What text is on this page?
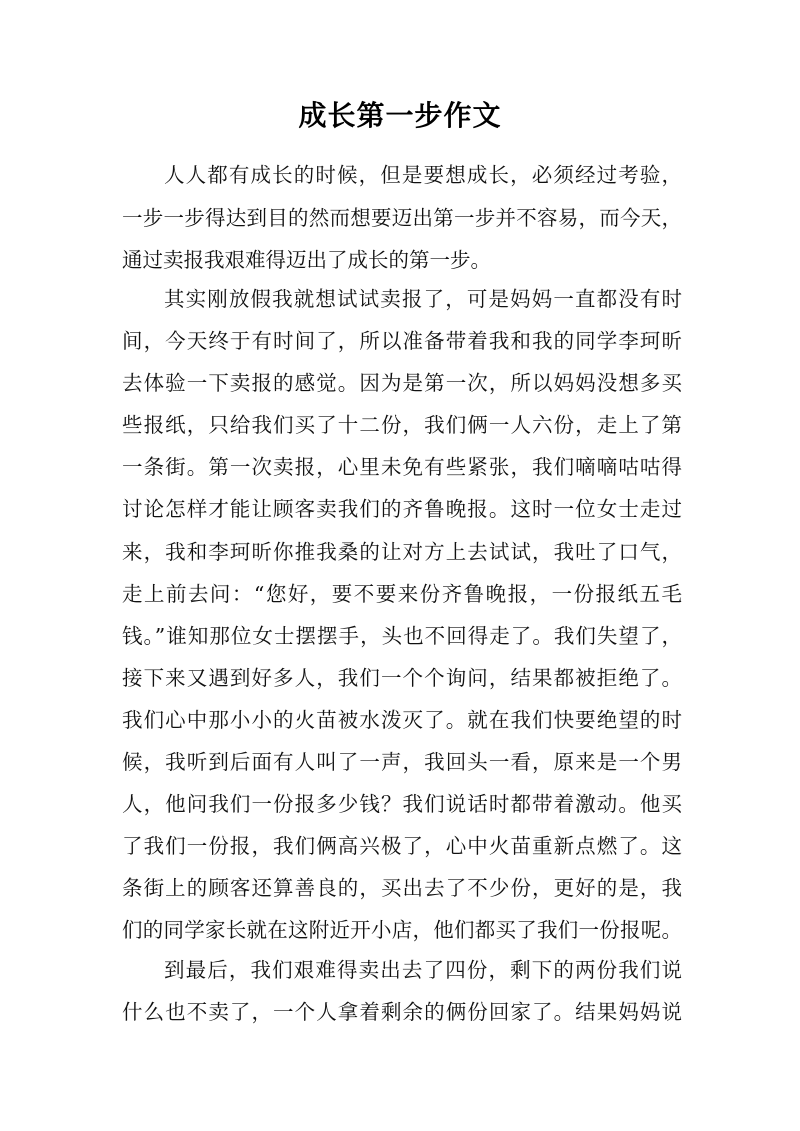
成长第一步作文
人人都有成长的时候，但是要想成长，必须经过考验，
一步一步得达到目的然而想要迈出第一步并不容易，而今天，
通过卖报我艰难得迈出了成长的第一步。
其实刚放假我就想试试卖报了，可是妈妈一直都没有时
间，今天终于有时间了，所以准备带着我和我的同学李珂昕
去体验一下卖报的感觉。因为是第一次，所以妈妈没想多买
些报纸，只给我们买了十二份，我们俩一人六份，走上了第
一条街。第一次卖报，心里未免有些紧张，我们嘀嘀咕咕得
讨论怎样才能让顾客卖我们的齐鲁晚报。这时一位女士走过
来，我和李珂昕你推我桑的让对方上去试试，我吐了口气，
走上前去问：“您好，要不要来份齐鲁晚报，一份报纸五毛
钱。”谁知那位女士摆摆手，头也不回得走了。我们失望了，
接下来又遇到好多人，我们一个个询问，结果都被拒绝了。
我们心中那小小的火苗被水泼灭了。就在我们快要绝望的时
候，我听到后面有人叫了一声，我回头一看，原来是一个男
人，他问我们一份报多少钱？我们说话时都带着激动。他买
了我们一份报，我们俩高兴极了，心中火苗重新点燃了。这
条街上的顾客还算善良的，买出去了不少份，更好的是，我
们的同学家长就在这附近开小店，他们都买了我们一份报呢。
到最后，我们艰难得卖出去了四份，剩下的两份我们说
什么也不卖了，一个人拿着剩余的俩份回家了。结果妈妈说
